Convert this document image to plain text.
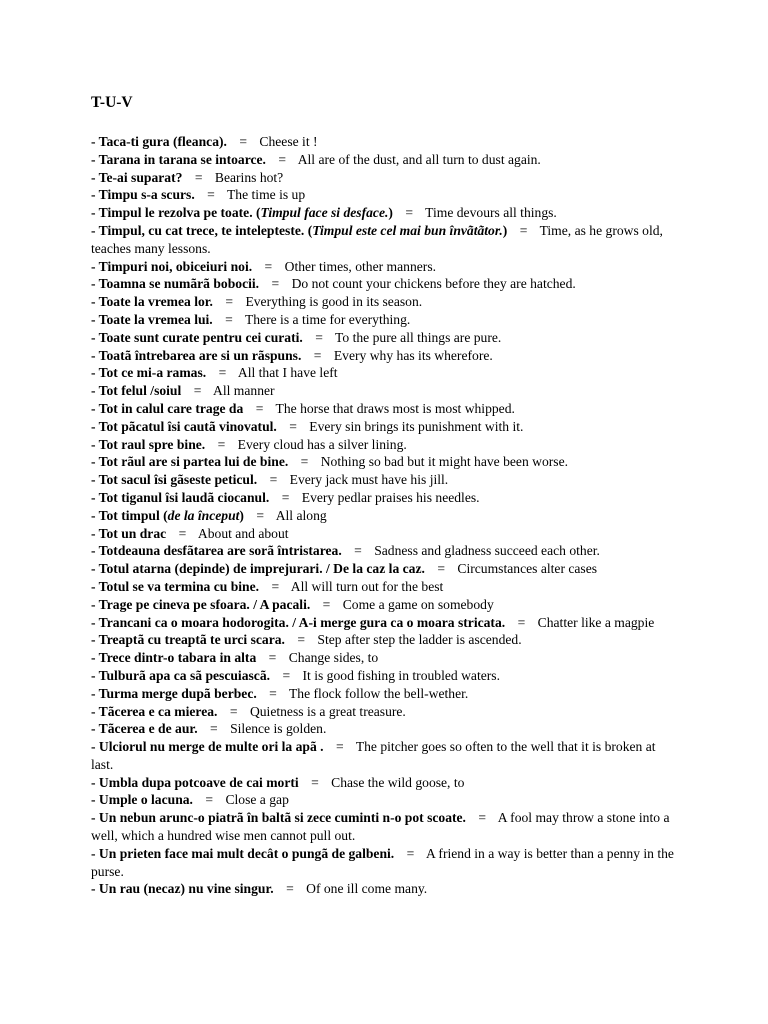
T-U-V
- Taca-ti gura (fleanca). = Cheese it !
- Tarana in tarana se intoarce. = All are of the dust, and all turn to dust again.
- Te-ai suparat? = Bearins hot?
- Timpu s-a scurs. = The time is up
- Timpul le rezolva pe toate. (Timpul face si desface.) = Time devours all things.
- Timpul, cu cat trece, te intelepteste. (Timpul este cel mai bun învãtãtor.) = Time, as he grows old, teaches many lessons.
- Timpuri noi, obiceiuri noi. = Other times, other manners.
- Toamna se numãrã bobocii. = Do not count your chickens before they are hatched.
- Toate la vremea lor. = Everything is good in its season.
- Toate la vremea lui. = There is a time for everything.
- Toate sunt curate pentru cei curati. = To the pure all things are pure.
- Toatã întrebarea are si un rãspuns. = Every why has its wherefore.
- Tot ce mi-a ramas. = All that I have left
- Tot felul /soiul = All manner
- Tot in calul care trage da = The horse that draws most is most whipped.
- Tot pãcatul îsi cautã vinovatul. = Every sin brings its punishment with it.
- Tot raul spre bine. = Every cloud has a silver lining.
- Tot rãul are si partea lui de bine. = Nothing so bad but it might have been worse.
- Tot sacul îsi gãseste peticul. = Every jack must have his jill.
- Tot tiganul îsi laudã ciocanul. = Every pedlar praises his needles.
- Tot timpul (de la început) = All along
- Tot un drac = About and about
- Totdeauna desfãtarea are sorã întristarea. = Sadness and gladness succeed each other.
- Totul atarna (depinde) de imprejurari. / De la caz la caz. = Circumstances alter cases
- Totul se va termina cu bine. = All will turn out for the best
- Trage pe cineva pe sfoara. / A pacali. = Come a game on somebody
- Trancani ca o moara hodorogita. / A-i merge gura ca o moara stricata. = Chatter like a magpie
- Treaptã cu treaptã te urci scara. = Step after step the ladder is ascended.
- Trece dintr-o tabara in alta = Change sides, to
- Tulburã apa ca sã pescuiascã. = It is good fishing in troubled waters.
- Turma merge dupã berbec. = The flock follow the bell-wether.
- Tãcerea e ca mierea. = Quietness is a great treasure.
- Tãcerea e de aur. = Silence is golden.
- Ulciorul nu merge de multe ori la apã . = The pitcher goes so often to the well that it is broken at last.
- Umbla dupa potcoave de cai morti = Chase the wild goose, to
- Umple o lacuna. = Close a gap
- Un nebun arunc-o piatrã în baltã si zece cuminti n-o pot scoate. = A fool may throw a stone into a well, which a hundred wise men cannot pull out.
- Un prieten face mai mult decât o pungã de galbeni. = A friend in a way is better than a penny in the purse.
- Un rau (necaz) nu vine singur. = Of one ill come many.
